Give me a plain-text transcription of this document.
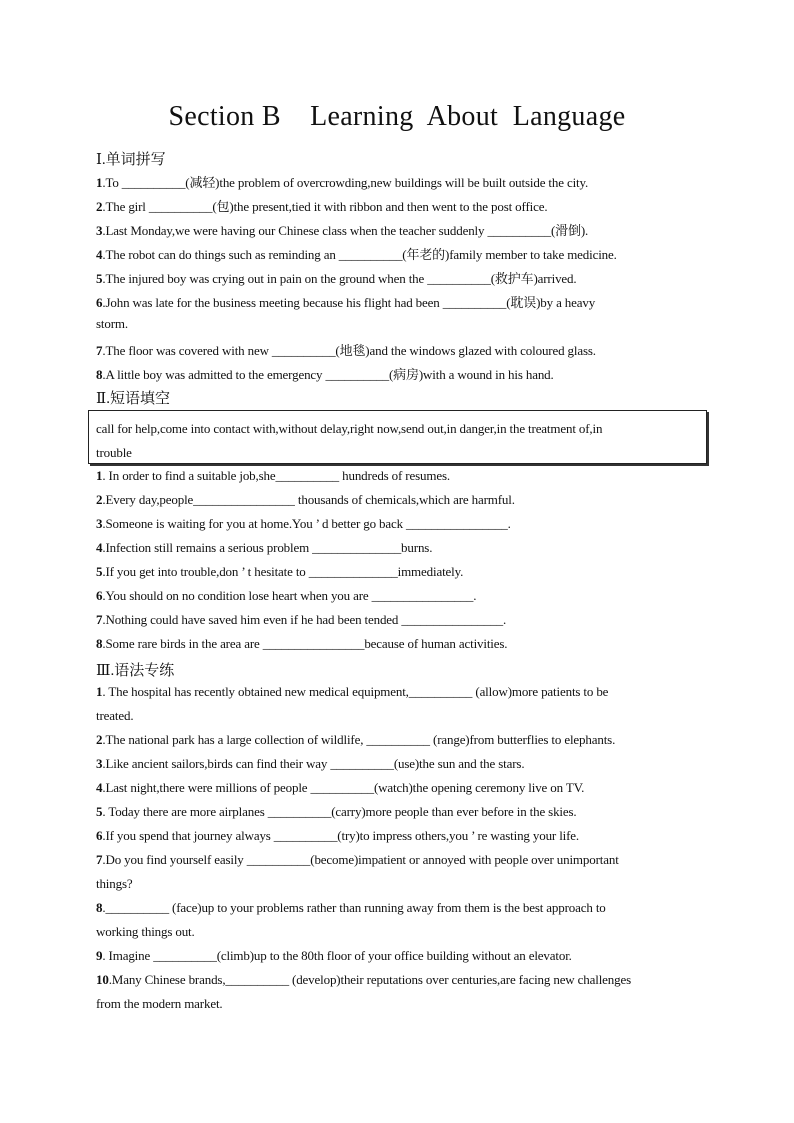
Section B    Learning  About  Language
Ⅰ.单词拼写
1.To __________(减轻)the problem of overcrowding,new buildings will be built outside the city.
2.The girl __________(包)the present,tied it with ribbon and then went to the post office.
3.Last Monday,we were having our Chinese class when the teacher suddenly __________(滑倒).
4.The robot can do things such as reminding an __________(年老的)family member to take medicine.
5.The injured boy was crying out in pain on the ground when the __________(救护车)arrived.
6.John was late for the business meeting because his flight had been __________(耽误)by a heavy
storm.
7.The floor was covered with new __________(地毯)and the windows glazed with coloured glass.
8.A little boy was admitted to the emergency __________(病房)with a wound in his hand.
Ⅱ.短语填空
call for help,come into contact with,without delay,right now,send out,in danger,in the treatment of,in
trouble
1. In order to find a suitable job,she__________ hundreds of resumes.
2.Every day,people________________ thousands of chemicals,which are harmful.
3.Someone is waiting for you at home.You ’ d better go back ________________.
4.Infection still remains a serious problem ______________burns.
5.If you get into trouble,don ’ t hesitate to ______________immediately.
6.You should on no condition lose heart when you are ________________.
7.Nothing could have saved him even if he had been tended ________________.
8.Some rare birds in the area are ________________because of human activities.
Ⅲ.语法专练
1. The hospital has recently obtained new medical equipment,__________ (allow)more patients to be
treated.
2.The national park has a large collection of wildlife, __________ (range)from butterflies to elephants.
3.Like ancient sailors,birds can find their way __________(use)the sun and the stars.
4.Last night,there were millions of people __________(watch)the opening ceremony live on TV.
5. Today there are more airplanes __________(carry)more people than ever before in the skies.
6.If you spend that journey always __________(try)to impress others,you ’ re wasting your life.
7.Do you find yourself easily __________(become)impatient or annoyed with people over unimportant
things?
8.__________ (face)up to your problems rather than running away from them is the best approach to
working things out.
9. Imagine __________(climb)up to the 80th floor of your office building without an elevator.
10.Many Chinese brands,__________ (develop)their reputations over centuries,are facing new challenges
from the modern market.
